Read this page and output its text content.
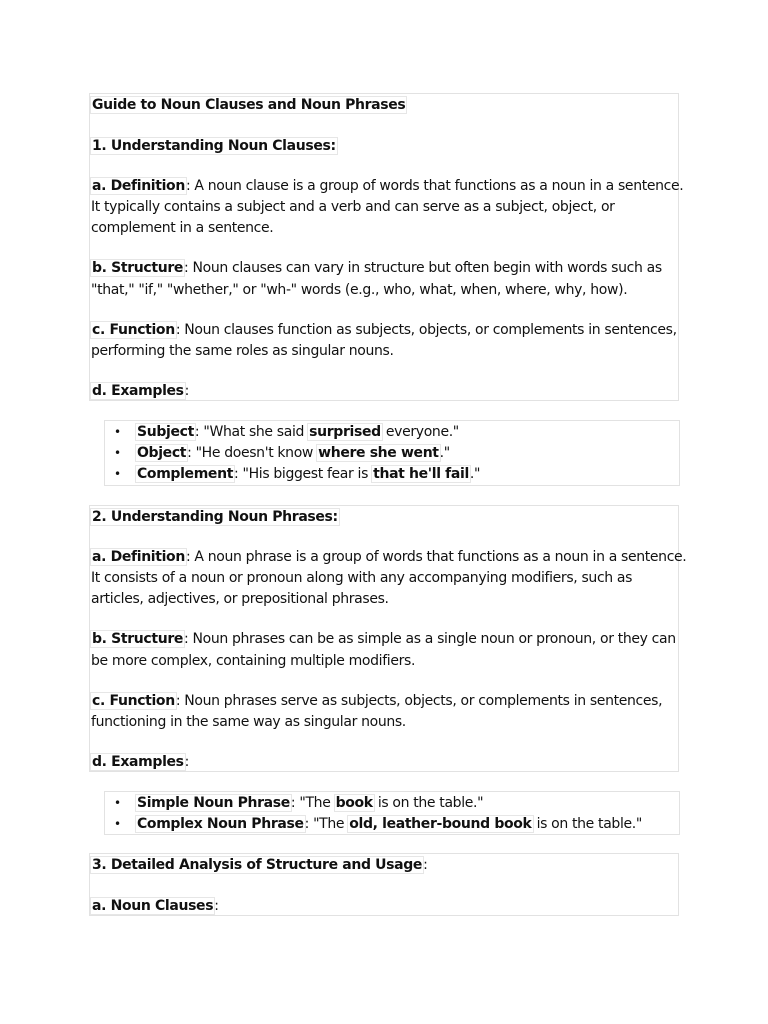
Guide to Noun Clauses and Noun Phrases
1. Understanding Noun Clauses:
a. Definition: A noun clause is a group of words that functions as a noun in a sentence.
It typically contains a subject and a verb and can serve as a subject, object, or
complement in a sentence.
b. Structure: Noun clauses can vary in structure but often begin with words such as
"that," "if," "whether," or "wh-" words (e.g., who, what, when, where, why, how).
c. Function: Noun clauses function as subjects, objects, or complements in sentences,
performing the same roles as singular nouns.
d. Examples:
• Subject: "What she said surprised everyone."
• Object: "He doesn't know where she went."
• Complement: "His biggest fear is that he'll fail."
2. Understanding Noun Phrases:
a. Definition: A noun phrase is a group of words that functions as a noun in a sentence.
It consists of a noun or pronoun along with any accompanying modifiers, such as
articles, adjectives, or prepositional phrases.
b. Structure: Noun phrases can be as simple as a single noun or pronoun, or they can
be more complex, containing multiple modifiers.
c. Function: Noun phrases serve as subjects, objects, or complements in sentences,
functioning in the same way as singular nouns.
d. Examples:
• Simple Noun Phrase: "The book is on the table."
• Complex Noun Phrase: "The old, leather-bound book is on the table."
3. Detailed Analysis of Structure and Usage:
a. Noun Clauses:
